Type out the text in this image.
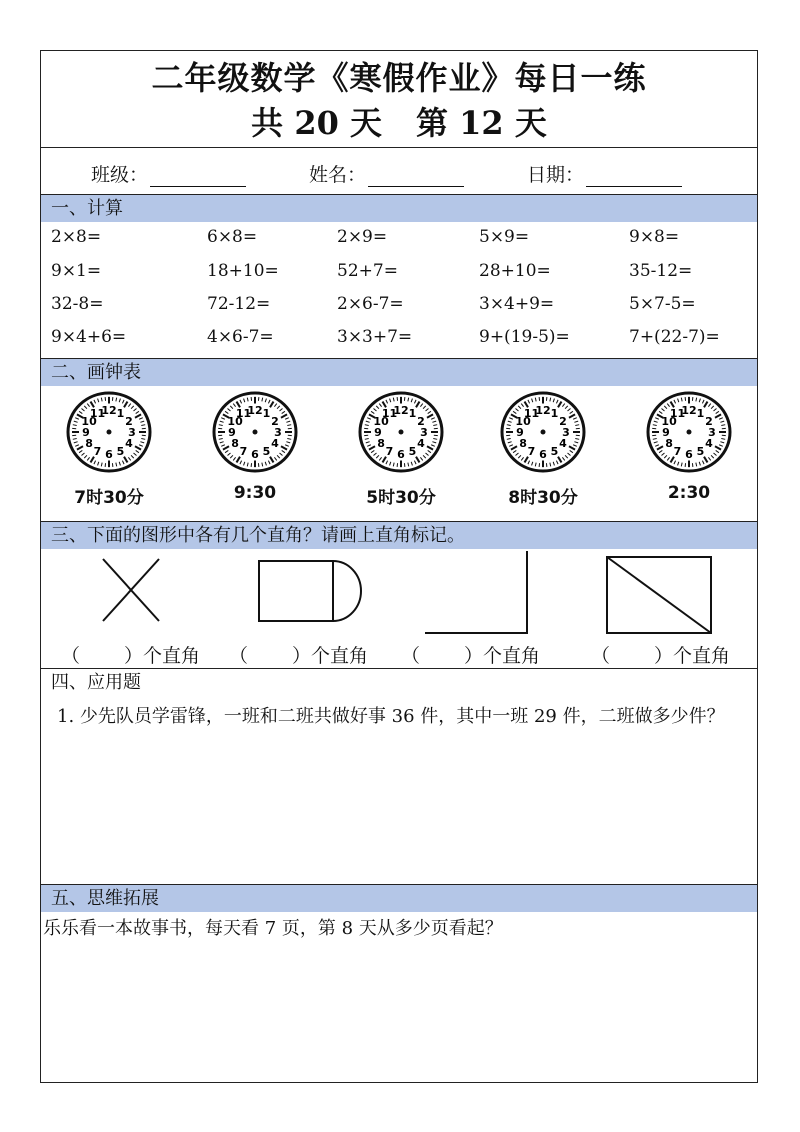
二年级数学《寒假作业》每日一练
共 20 天 第 12 天
班级：	姓名：	日期：
一、计算
2×8=	6×8=	2×9=	5×9=	9×8=
9×1=	18+10=	52+7=	28+10=	35-12=
32-8=	72-12=	2×6-7=	3×4+9=	5×7-5=
9×4+6=	4×6-7=	3×3+7=	9+(19-5)=	7+(22-7)=
二、画钟表
12 1
2
3
4
5
6
7
8
9
10
11
7时30分
12 1
2
3
4
5
6
7
8
9
10
11
9:30
12 1
2
3
4
5
6
7
8
9
10
11
5时30分
12 1
2
3
4
5
6
7
8
9
10
11
8时30分
12 1
2
3
4
5
6
7
8
9
10
11
2:30
三、下面的图形中各有几个直角？请画上直角标记。
（ ）个直角 （ ）个直角 （ ）个直角	（ ）个直角
四、应用题
1. 少先队员学雷锋，一班和二班共做好事 36 件，其中一班 29 件，二班做多少件？
五、思维拓展
乐乐看一本故事书，每天看 7 页，第 8 天从多少页看起？
